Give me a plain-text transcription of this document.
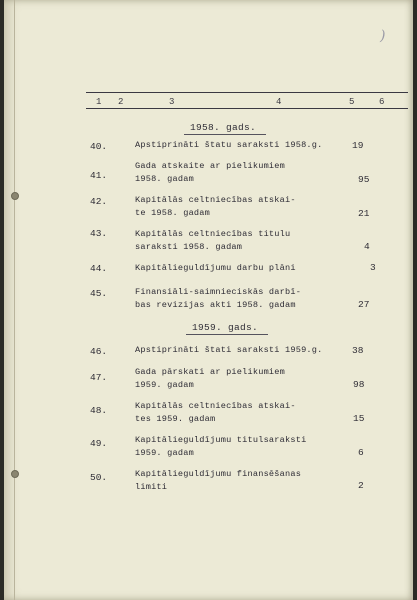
)
1 2	3	4	5	6
1958. gads.
40.	Apstiprināti štatu saraksti 1958.g.	19
41.
Gada atskaite ar pielikumiem
1958. gadam	95
42.	Kapitālās celtniecības atskai-
te 1958. gadam	21
43.	Kapitālās celtniecības titulu
saraksti 1958. gadam	4
44.	Kapitālieguldījumu darbu plāni	3
45.	Finansiāli-saimnieciskās darbī-
bas revizijas akti 1958. gadam	27
1959. gads.
46.	Apstiprināti štati saraksti 1959.g.	38
47.	Gada pārskati ar pielikumiem
1959. gadam	98
48.	Kapitālās celtniecības atskai-
tes 1959. gadam	15
49.	Kapitālieguldījumu titulsaraksti
1959. gadam	6
50.	Kapitālieguldījumu finansēšanas
limiti	2
